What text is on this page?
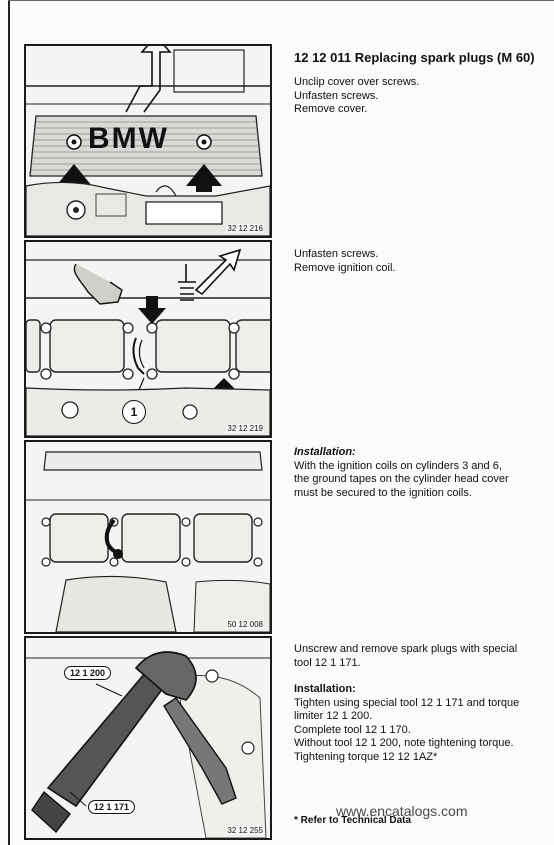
BMW
32 12 216
1
32 12 219
50 12 008
12 1 200
12 1 171
32 12 255
12 12 011 Replacing spark plugs (M 60)

Unclip cover over screws.

Unfasten screws.

Remove cover.

Unfasten screws.

Remove ignition coil.

Installation:

With the ignition coils on cylinders 3 and 6,

the ground tapes on the cylinder head cover

must be secured to the ignition coils.

Unscrew and remove spark plugs with special

tool 12 1 171.

Installation:

Tighten using special tool 12 1 171 and torque

limiter 12 1 200.

Complete tool 12 1 170.

Without tool 12 1 200, note tightening torque.

Tightening torque 12 12 1AZ*

www.encatalogs.com
* Refer to Technical Data
